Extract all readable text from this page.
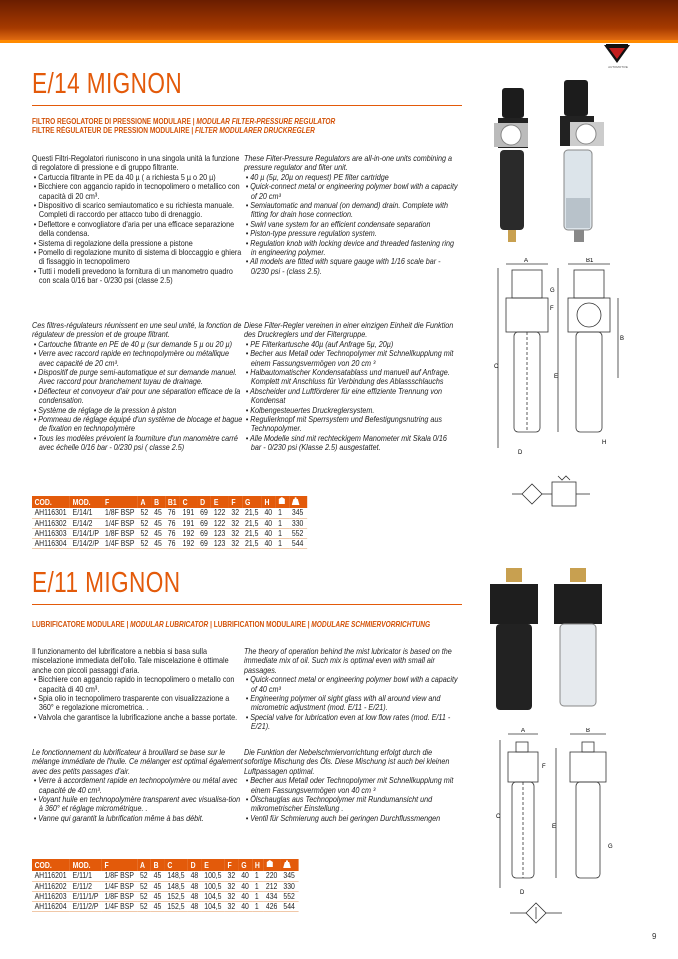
AUTOMOTIVE
E/14 MIGNON
FILTRO REGOLATORE DI PRESSIONE MODULARE | MODULAR FILTER-PRESSURE REGULATOR
FILTRE RÉGULATEUR DE PRESSION MODULAIRE | FILTER MODULARER DRUCKREGLER

Questi Filtri-Regolatori riuniscono in una singola unità la funzione di regolatore di pressione e di gruppo filtrante.

• Cartuccia filtrante in PE da 40 µ ( a richiesta 5 µ o 20 µ)

• Bicchiere con aggancio rapido in tecnopolimero o metallico con capacità di 20 cm³.

• Dispositivo di scarico semiautomatico e su richiesta manuale. Completi di raccordo per attacco tubo di drenaggio.

• Deflettore e convogliatore d'aria per una efficace separazione della condensa.

• Sistema di regolazione della pressione a pistone

• Pomello di regolazione munito di sistema di bloccaggio e ghiera di fissaggio in tecnopolimero

• Tutti i modelli prevedono la fornitura di un manometro quadro con scala 0/16 bar - 0/230 psi (classe 2.5)

These Filter-Pressure Regulators are all-in-one units combining a pressure regulator and filter unit.

• 40 µ (5µ, 20µ on request) PE filter cartridge

• Quick-connect metal or engineering polymer bowl with a capacity of 20 cm³

• Semiautomatic and manual (on demand) drain. Complete with fitting for drain hose connection.

• Swirl vane system for an efficient condensate separation

• Piston-type pressure regulation system.

• Regulation knob with locking device and threaded fastening ring in engineering polymer.

• All models are fitted with square gauge with 1/16 scale bar - 0/230 psi - (class 2.5).

Ces filtres-régulateurs réunissent en une seul unité, la fonction de régulateur de pression et de groupe filtrant.

• Cartouche filtrante en PE de 40 µ (sur demande 5 µ ou 20 µ)

• Verre avec raccord rapide en technopolymère ou métallique avec capacité de 20 cm³.

• Dispositif de purge semi-automatique et sur demande manuel. Avec raccord pour branchement tuyau de drainage.

• Déflecteur et convoyeur d'air pour une séparation efficace de la condensation.

• Système de réglage de la pression à piston

• Pommeau de réglage équipé d'un système de blocage et bague de fixation en technopolymère

• Tous les modèles prévoient la fourniture d'un manomètre carré avec échelle 0/16 bar - 0/230 psi ( classe 2.5)

Diese Filter-Regler vereinen in einer einzigen Einheit die Funktion des Druckreglers und der Filtergruppe.

• PE Filterkartusche 40µ (auf Anfrage 5µ, 20µ)

• Becher aus Metall oder Technopolymer mit Schnellkupplung mit einem Fassungsvermögen von 20 cm ³

• Halbautomatischer Kondensatablass und manuell auf Anfrage. Komplett mit Anschluss für Verbindung des Ablassschlauchs

• Abscheider und Luftförderer für eine effiziente Trennung von Kondensat

• Kolbengesteuertes Druckreglersystem.

• Regulierknopf mit Sperrsystem und Befestigungsnutring aus Technopolymer.

• Alle Modelle sind mit rechteckigem Manometer mit Skala 0/16 bar - 0/230 psi (Klasse 2.5) ausgestattet.

COD.	MOD.	F	A	B	B1	C	D	E	F	G	H		
AH116301	E/14/1	1/8F BSP	52	45	76	191	69	122	32	21,5	40	1	345
AH116302	E/14/2	1/4F BSP	52	45	76	191	69	122	32	21,5	40	1	330
AH116303	E/14/1/P	1/8F BSP	52	45	76	192	69	123	32	21,5	40	1	552
AH116304	E/14/2/P	1/4F BSP	52	45	76	192	69	123	32	21,5	40	1	544
A	B1
B
C
E
D
F
G
H
E/11 MIGNON
LUBRIFICATORE MODULARE | MODULAR LUBRICATOR | LUBRIFICATION MODULAIRE | MODULARE SCHMIERVORRICHTUNG

Il funzionamento del lubrificatore a nebbia si basa sulla miscelazione immediata dell'olio. Tale miscelazione è ottimale anche con piccoli passaggi d'aria.

• Bicchiere con aggancio rapido in tecnopolimero o metallo con capacità di 40 cm³.

• Spia olio in tecnopolimero trasparente con visualizzazione a 360° e regolazione micrometrica. .

• Valvola che garantisce la lubrificazione anche a basse portate.

The theory of operation behind the mist lubricator is based on the immediate mix of oil. Such mix is optimal even with small air passages.

• Quick-connect metal or engineering polymer bowl with a capacity of 40 cm³

• Engineering polymer oil sight glass with all around view and micrometric adjustment (mod. E/11 - E/21).

• Special valve for lubrication even at low flow rates (mod. E/11 - E/21).

Le fonctionnement du lubrificateur à brouillard se base sur le mélange immédiate de l'huile. Ce mélanger est optimal également avec des petits passages d'air.

• Verre à accordement rapide en technopolymère ou métal avec capacité de 40 cm³.

• Voyant huile en technopolymère transparent avec visualisa-tion à 360° et réglage micrométrique. .

• Vanne qui garantit la lubrification même à bas débit.

Die Funktion der Nebelschmiervorrichtung erfolgt durch die sofortige Mischung des Öls. Diese Mischung ist auch bei kleinen Luftpassagen optimal.

• Becher aus Metall oder Technopolymer mit Schnellkupplung mit einem Fassungsvermögen von 40 cm ³

• Ölschauglas aus Technopolymer mit Rundumansicht und mikrometrischer Einstellung .

• Ventil für Schmierung auch bei geringen Durchflussmengen

COD.	MOD.	F	A	B	C	D	E	F	G	H		
AH116201	E/11/1	1/8F BSP	52	45	148,5	48	100,5	32	40	1	220	345
AH116202	E/11/2	1/4F BSP	52	45	148,5	48	100,5	32	40	1	212	330
AH116203	E/11/1/P	1/8F BSP	52	45	152,5	48	104,5	32	40	1	434	552
AH116204	E/11/2/P	1/4F BSP	52	45	152,5	48	104,5	32	40	1	426	544
A	B
C
E
D
F
G
9
